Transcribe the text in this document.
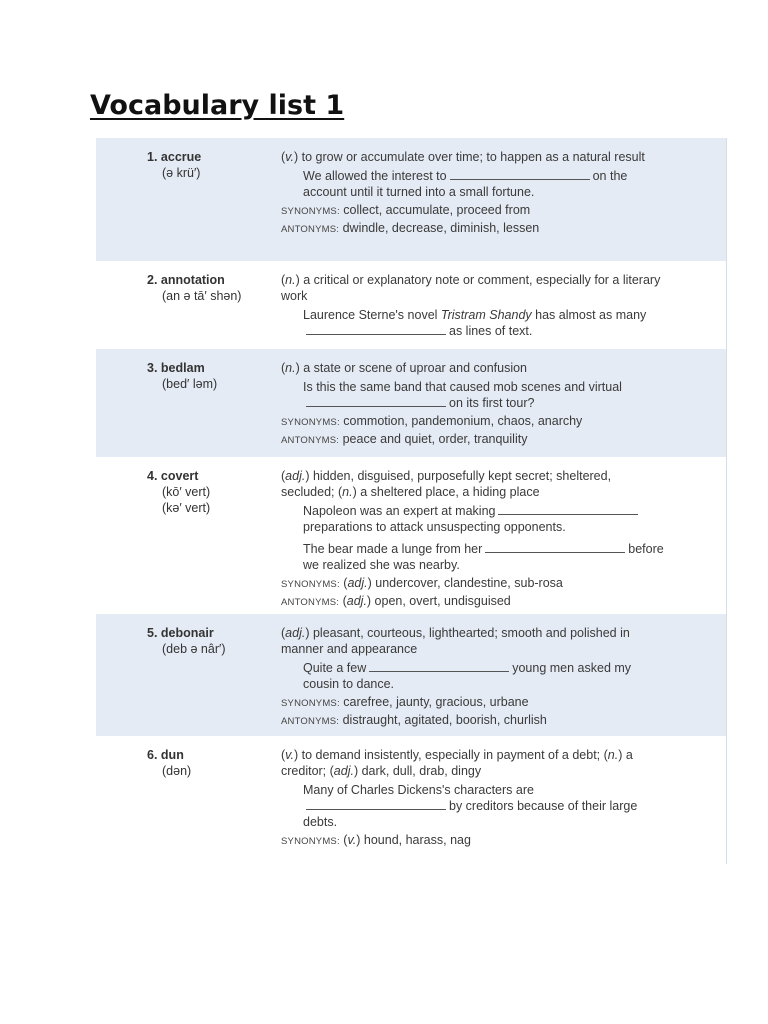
Vocabulary list 1
1. accrue
(ə krü′)
(v.) to grow or accumulate over time; to happen as a natural result
We allowed the interest to	on the account until it turned into a small fortune.
SYNONYMS: collect, accumulate, proceed from
ANTONYMS: dwindle, decrease, diminish, lessen
2. annotation
(an ə tā′ shən)
(n.) a critical or explanatory note or comment, especially for a literary work
Laurence Sterne's novel Tristram Shandy has almost as manyas lines of text.
3. bedlam
(bed′ ləm)
(n.) a state or scene of uproar and confusion
Is this the same band that caused mob scenes and virtualon its first tour?
SYNONYMS: commotion, pandemonium, chaos, anarchy
ANTONYMS: peace and quiet, order, tranquility
4. covert
(kō′ vert)
(kə′ vert)
(adj.) hidden, disguised, purposefully kept secret; sheltered, secluded; (n.) a sheltered place, a hiding place
Napoleon was an expert at makingpreparations to attack unsuspecting opponents.
The bear made a lunge from her	before we realized she was nearby.
SYNONYMS: (adj.) undercover, clandestine, sub-rosa
ANTONYMS: (adj.) open, overt, undisguised
5. debonair
(deb ə nâr′)
(adj.) pleasant, courteous, lighthearted; smooth and polished in manner and appearance
Quite a few	young men asked my cousin to dance.
SYNONYMS: carefree, jaunty, gracious, urbane
ANTONYMS: distraught, agitated, boorish, churlish
6. dun
(dən)
(v.) to demand insistently, especially in payment of a debt; (n.) a creditor; (adj.) dark, dull, drab, dingy
Many of Charles Dickens's characters areby creditors because of their large debts.
SYNONYMS: (v.) hound, harass, nag
